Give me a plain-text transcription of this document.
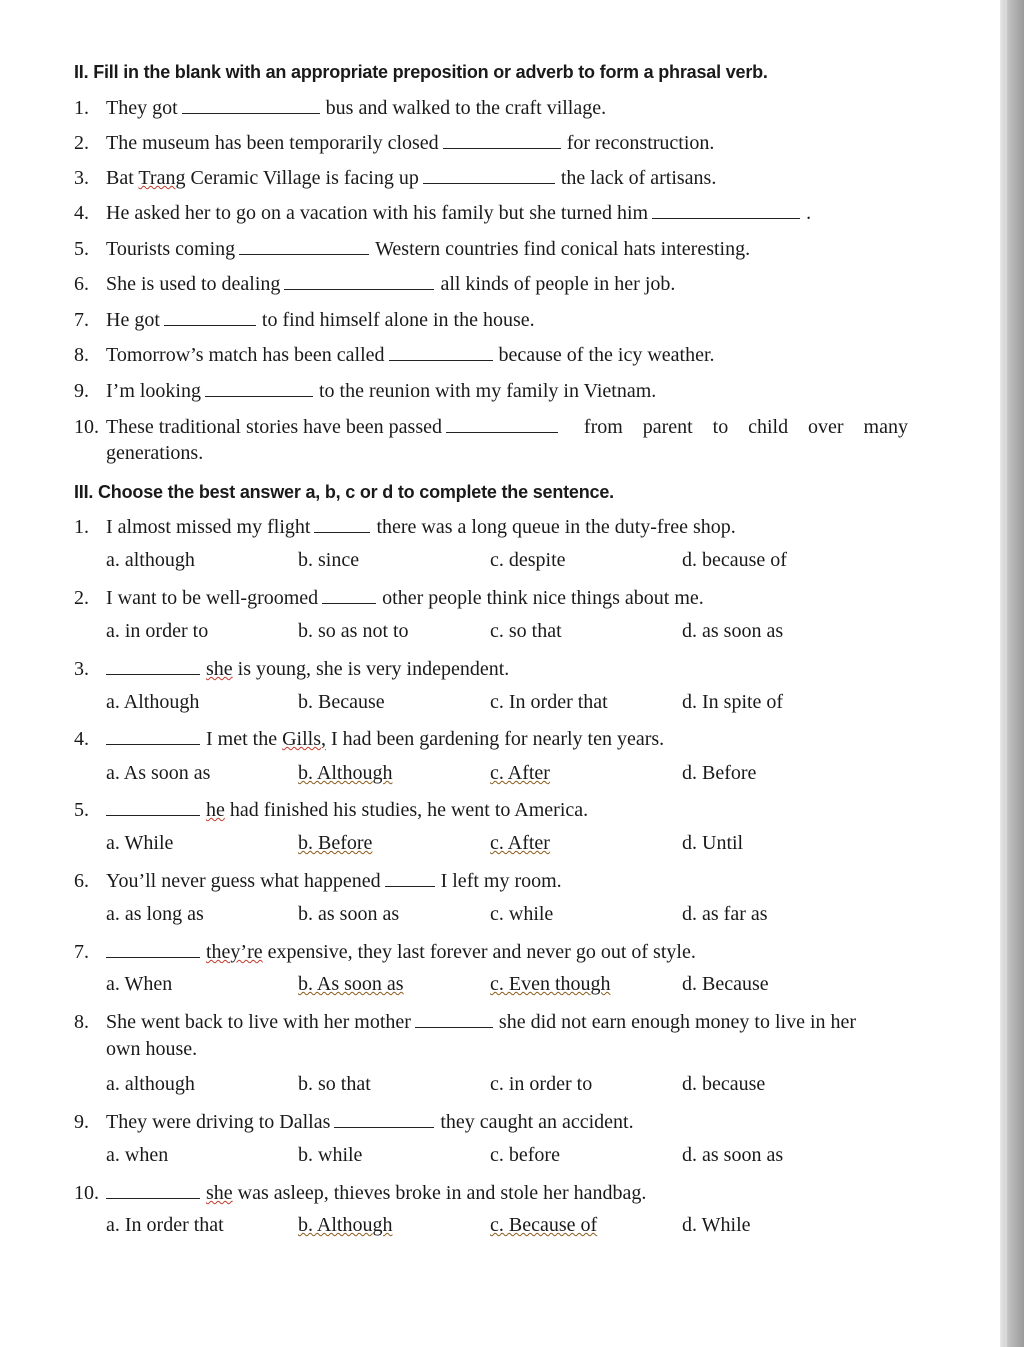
II. Fill in the blank with an appropriate preposition or adverb to form a phrasal verb.
1. They got	bus and walked to the craft village.
2. The museum has been temporarily closed	for reconstruction.
3. Bat Trang Ceramic Village is facing up	the lack of artisans.
4. He asked her to go on a vacation with his family but she turned him	.
5. Tourists coming	Western countries find conical hats interesting.
6. She is used to dealing	all kinds of people in her job.
7. He got	to find himself alone in the house.
8. Tomorrow’s match has been called	because of the icy weather.
9. I’m looking	to the reunion with my family in Vietnam.
10. These traditional stories have been passed	from parent to child over many
generations.
III. Choose the best answer a, b, c or d to complete the sentence.
1. I almost missed my flight	there was a long queue in the duty-free shop.
a. although	b. since	c. despite	d. because of
2. I want to be well-groomed	other people think nice things about me.
a. in order to	b. so as not to	c. so that	d. as soon as
3.	she is young, she is very independent.
a. Although	b. Because	c. In order that	d. In spite of
4.	I met the Gills, I had been gardening for nearly ten years.
a. As soon as	b. Although	c. After	d. Before
5.	he had finished his studies, he went to America.
a. While	b. Before	c. After	d. Until
6. You’ll never guess what happened	I left my room.
a. as long as	b. as soon as	c. while	d. as far as
7.	they’re expensive, they last forever and never go out of style.
a. When	b. As soon as	c. Even though	d. Because
8. She went back to live with her mother	she did not earn enough money to live in her
own house.
a. although	b. so that	c. in order to	d. because
9. They were driving to Dallas	they caught an accident.
a. when	b. while	c. before	d. as soon as
10.	she was asleep, thieves broke in and stole her handbag.
a. In order that	b. Although	c. Because of	d. While
